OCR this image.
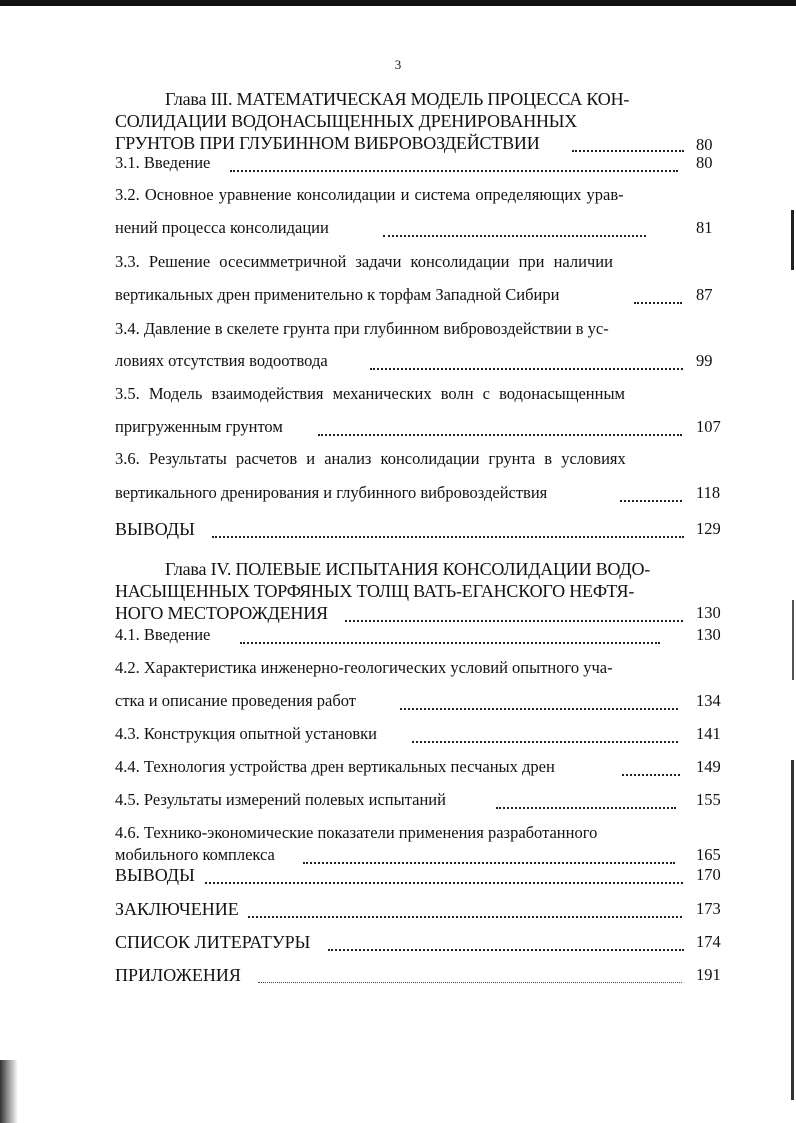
3
Глава III. МАТЕМАТИЧЕСКАЯ МОДЕЛЬ ПРОЦЕССА КОН-
СОЛИДАЦИИ ВОДОНАСЫЩЕННЫХ ДРЕНИРОВАННЫХ
ГРУНТОВ ПРИ ГЛУБИННОМ ВИБРОВОЗДЕЙСТВИИ	80
3.1. Введение	80
3.2. Основное уравнение консолидации и система определяющих урав-
нений процесса консолидации	81
3.3. Решение осесимметричной задачи консолидации при наличии
вертикальных дрен применительно к торфам Западной Сибири	87
3.4. Давление в скелете грунта при глубинном вибровоздействии в ус-
ловиях отсутствия водоотвода	99
3.5. Модель взаимодействия механических волн с водонасыщенным
пригруженным грунтом	107
3.6. Результаты расчетов и анализ консолидации грунта в условиях
вертикального дренирования и глубинного вибровоздействия	118
ВЫВОДЫ	129
Глава IV. ПОЛЕВЫЕ ИСПЫТАНИЯ КОНСОЛИДАЦИИ ВОДО-
НАСЫЩЕННЫХ ТОРФЯНЫХ ТОЛЩ ВАТЬ-ЕГАНСКОГО НЕФТЯ-
НОГО МЕСТОРОЖДЕНИЯ	130
4.1. Введение	130
4.2. Характеристика инженерно-геологических условий опытного уча-
стка и описание проведения работ	134
4.3. Конструкция опытной установки	141
4.4. Технология устройства дрен вертикальных песчаных дрен	149
4.5. Результаты измерений полевых испытаний	155
4.6. Технико-экономические показатели применения разработанного
мобильного комплекса	165
ВЫВОДЫ	170
ЗАКЛЮЧЕНИЕ	173
СПИСОК ЛИТЕРАТУРЫ	174
ПРИЛОЖЕНИЯ	191
